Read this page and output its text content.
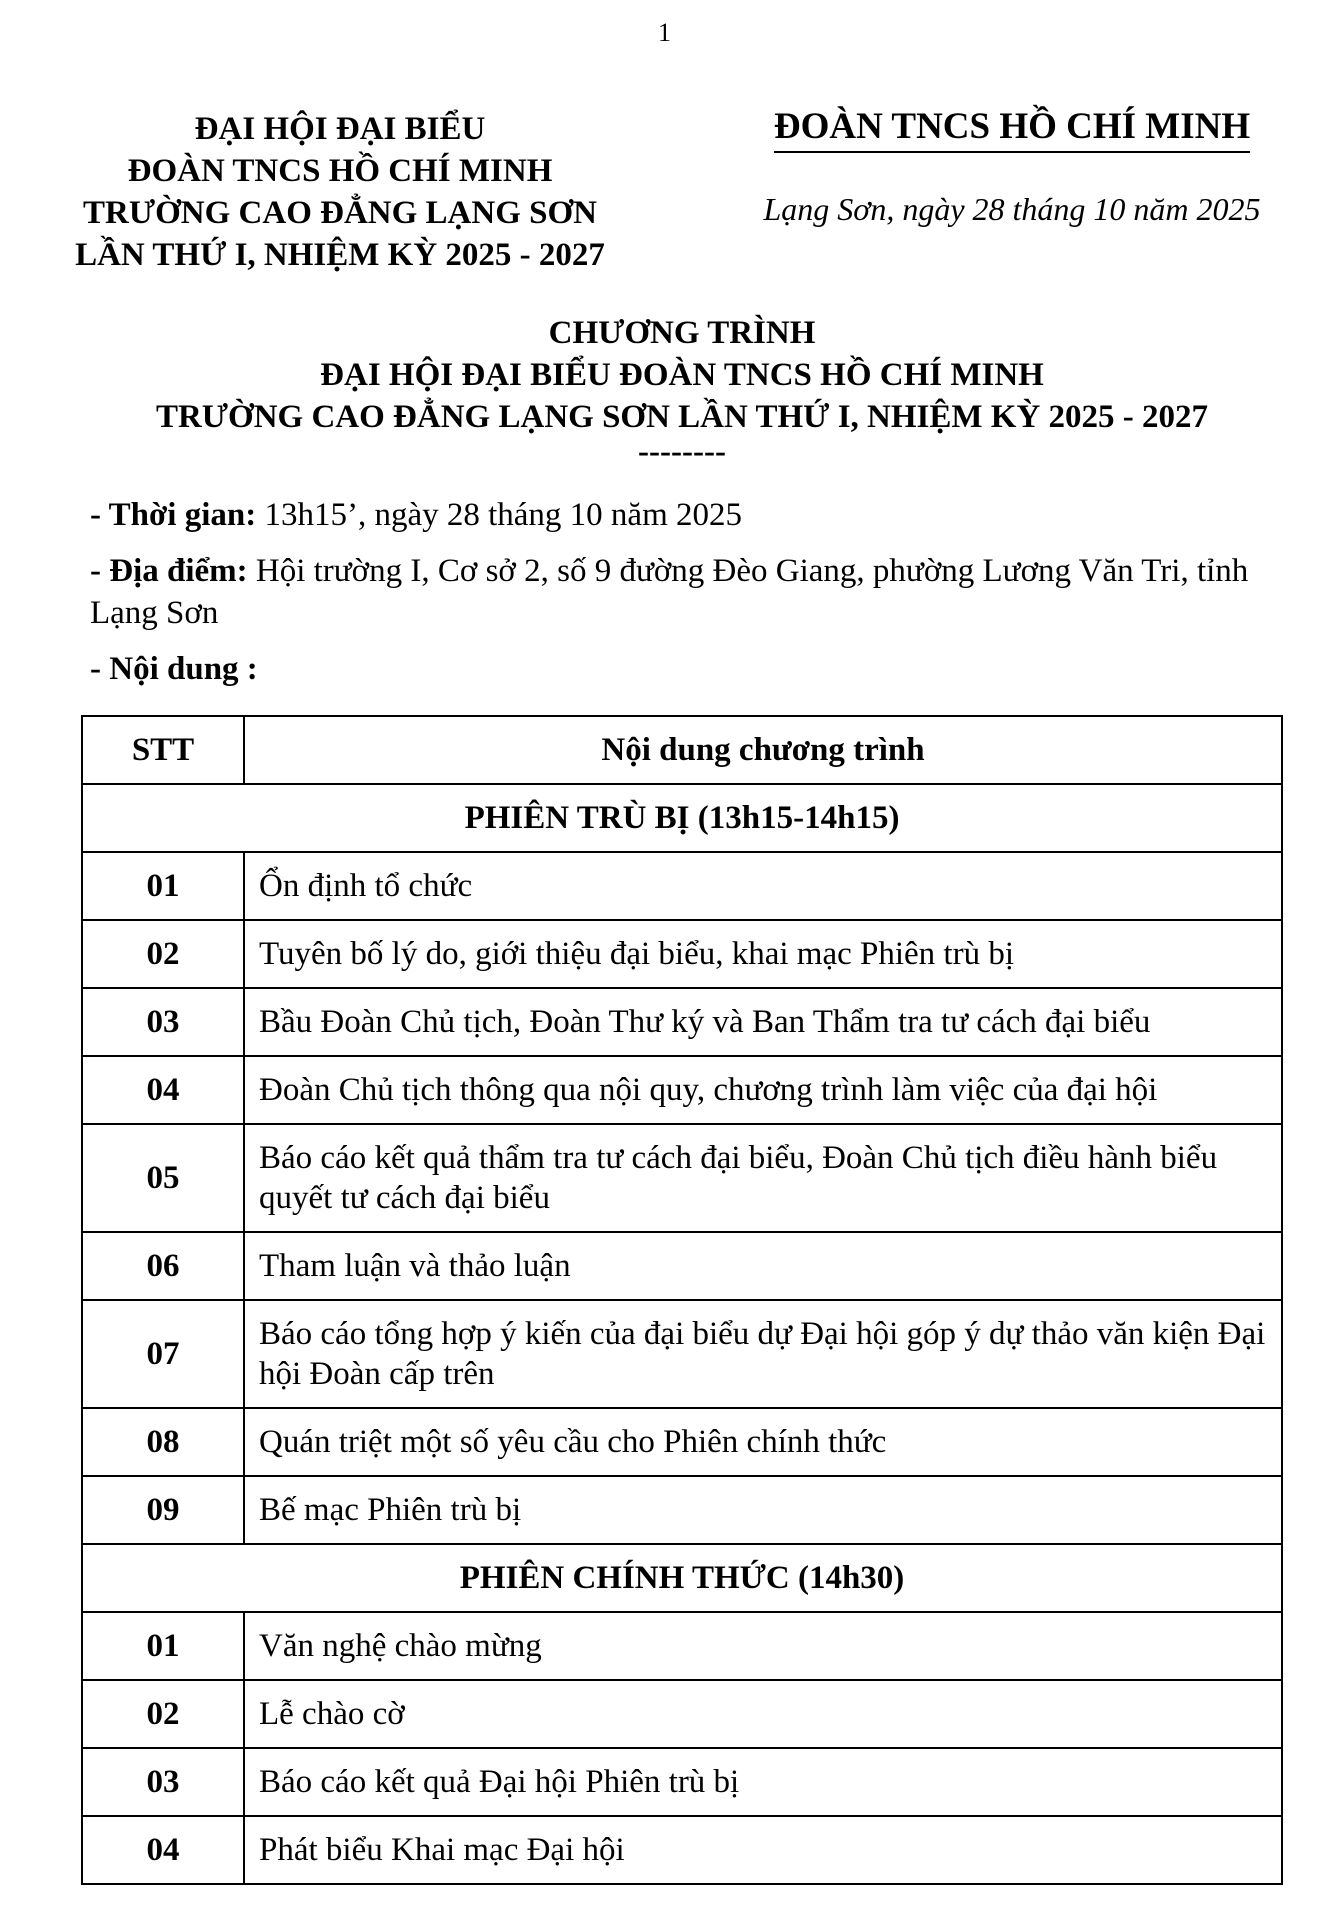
1
ĐẠI HỘI ĐẠI BIỂU
ĐOÀN TNCS HỒ CHÍ MINH
TRƯỜNG CAO ĐẲNG LẠNG SƠN
LẦN THỨ I, NHIỆM KỲ 2025 - 2027
ĐOÀN TNCS HỒ CHÍ MINH
Lạng Sơn, ngày 28 tháng 10 năm 2025
CHƯƠNG TRÌNH
ĐẠI HỘI ĐẠI BIỂU ĐOÀN TNCS HỒ CHÍ MINH
TRƯỜNG CAO ĐẲNG LẠNG SƠN LẦN THỨ I, NHIỆM KỲ 2025 - 2027
--------
- Thời gian: 13h15’, ngày 28 tháng 10 năm 2025
- Địa điểm: Hội trường I, Cơ sở 2, số 9 đường Đèo Giang, phường Lương Văn Tri, tỉnh Lạng Sơn
- Nội dung :
STT	Nội dung chương trình
PHIÊN TRÙ BỊ (13h15-14h15)	
01	Ổn định tổ chức
02	Tuyên bố lý do, giới thiệu đại biểu, khai mạc Phiên trù bị
03	Bầu Đoàn Chủ tịch, Đoàn Thư ký và Ban Thẩm tra tư cách đại biểu
04	Đoàn Chủ tịch thông qua nội quy, chương trình làm việc của đại hội
05	Báo cáo kết quả thẩm tra tư cách đại biểu, Đoàn Chủ tịch điều hành biểu quyết tư cách đại biểu
06	Tham luận và thảo luận
07	Báo cáo tổng hợp ý kiến của đại biểu dự Đại hội góp ý dự thảo văn kiện Đại hội Đoàn cấp trên
08	Quán triệt một số yêu cầu cho Phiên chính thức
09	Bế mạc Phiên trù bị
PHIÊN CHÍNH THỨC (14h30)	
01	Văn nghệ chào mừng
02	Lễ chào cờ
03	Báo cáo kết quả Đại hội Phiên trù bị
04	Phát biểu Khai mạc Đại hội
